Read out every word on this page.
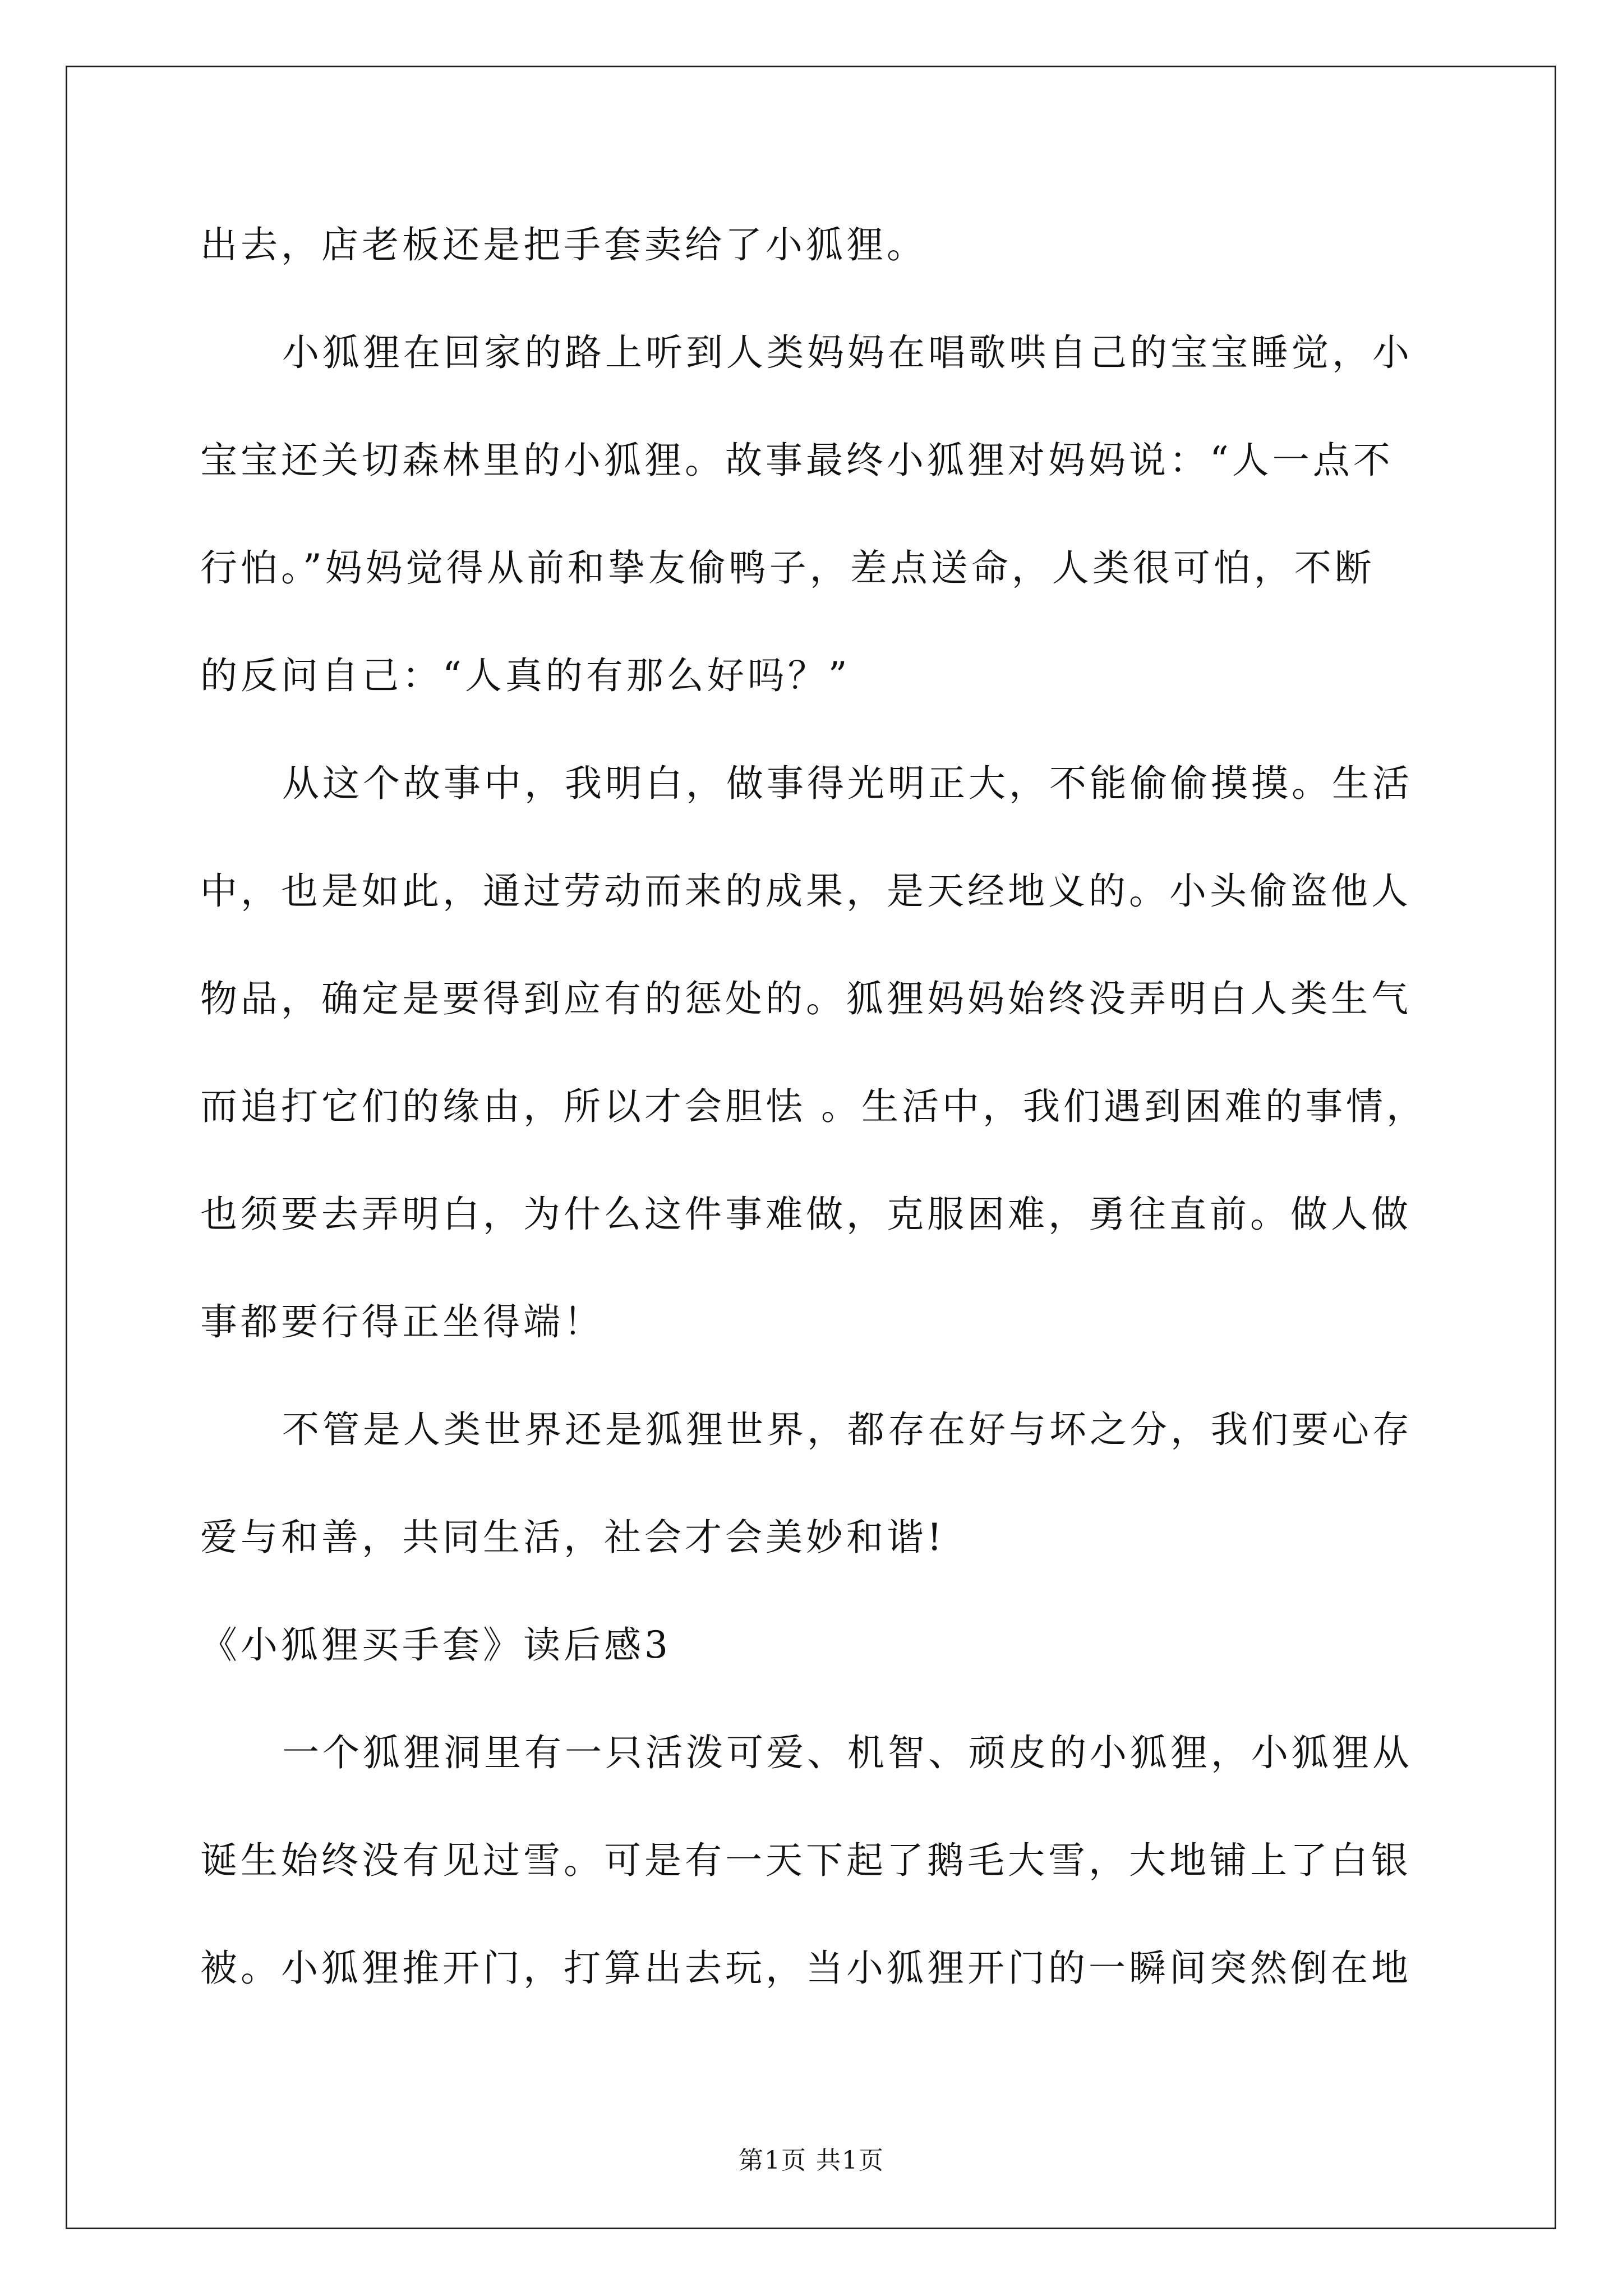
出去，店老板还是把手套卖给了小狐狸。
小狐狸在回家的路上听到人类妈妈在唱歌哄自己的宝宝睡觉，小
宝宝还关切森林里的小狐狸。故事最终小狐狸对妈妈说：“人一点不
行怕。”妈妈觉得从前和挚友偷鸭子，差点送命，人类很可怕，不断
的反问自己：“人真的有那么好吗？”
从这个故事中，我明白，做事得光明正大，不能偷偷摸摸。生活
中，也是如此，通过劳动而来的成果，是天经地义的。小头偷盗他人
物品，确定是要得到应有的惩处的。狐狸妈妈始终没弄明白人类生气
而追打它们的缘由，所以才会胆怯 。生活中，我们遇到困难的事情，
也须要去弄明白，为什么这件事难做，克服困难，勇往直前。做人做
事都要行得正坐得端！
不管是人类世界还是狐狸世界，都存在好与坏之分，我们要心存
爱与和善，共同生活，社会才会美妙和谐!
《小狐狸买手套》读后感3
一个狐狸洞里有一只活泼可爱、机智、顽皮的小狐狸，小狐狸从
诞生始终没有见过雪。可是有一天下起了鹅毛大雪，大地铺上了白银
被。小狐狸推开门，打算出去玩，当小狐狸开门的一瞬间突然倒在地
第1页 共1页
